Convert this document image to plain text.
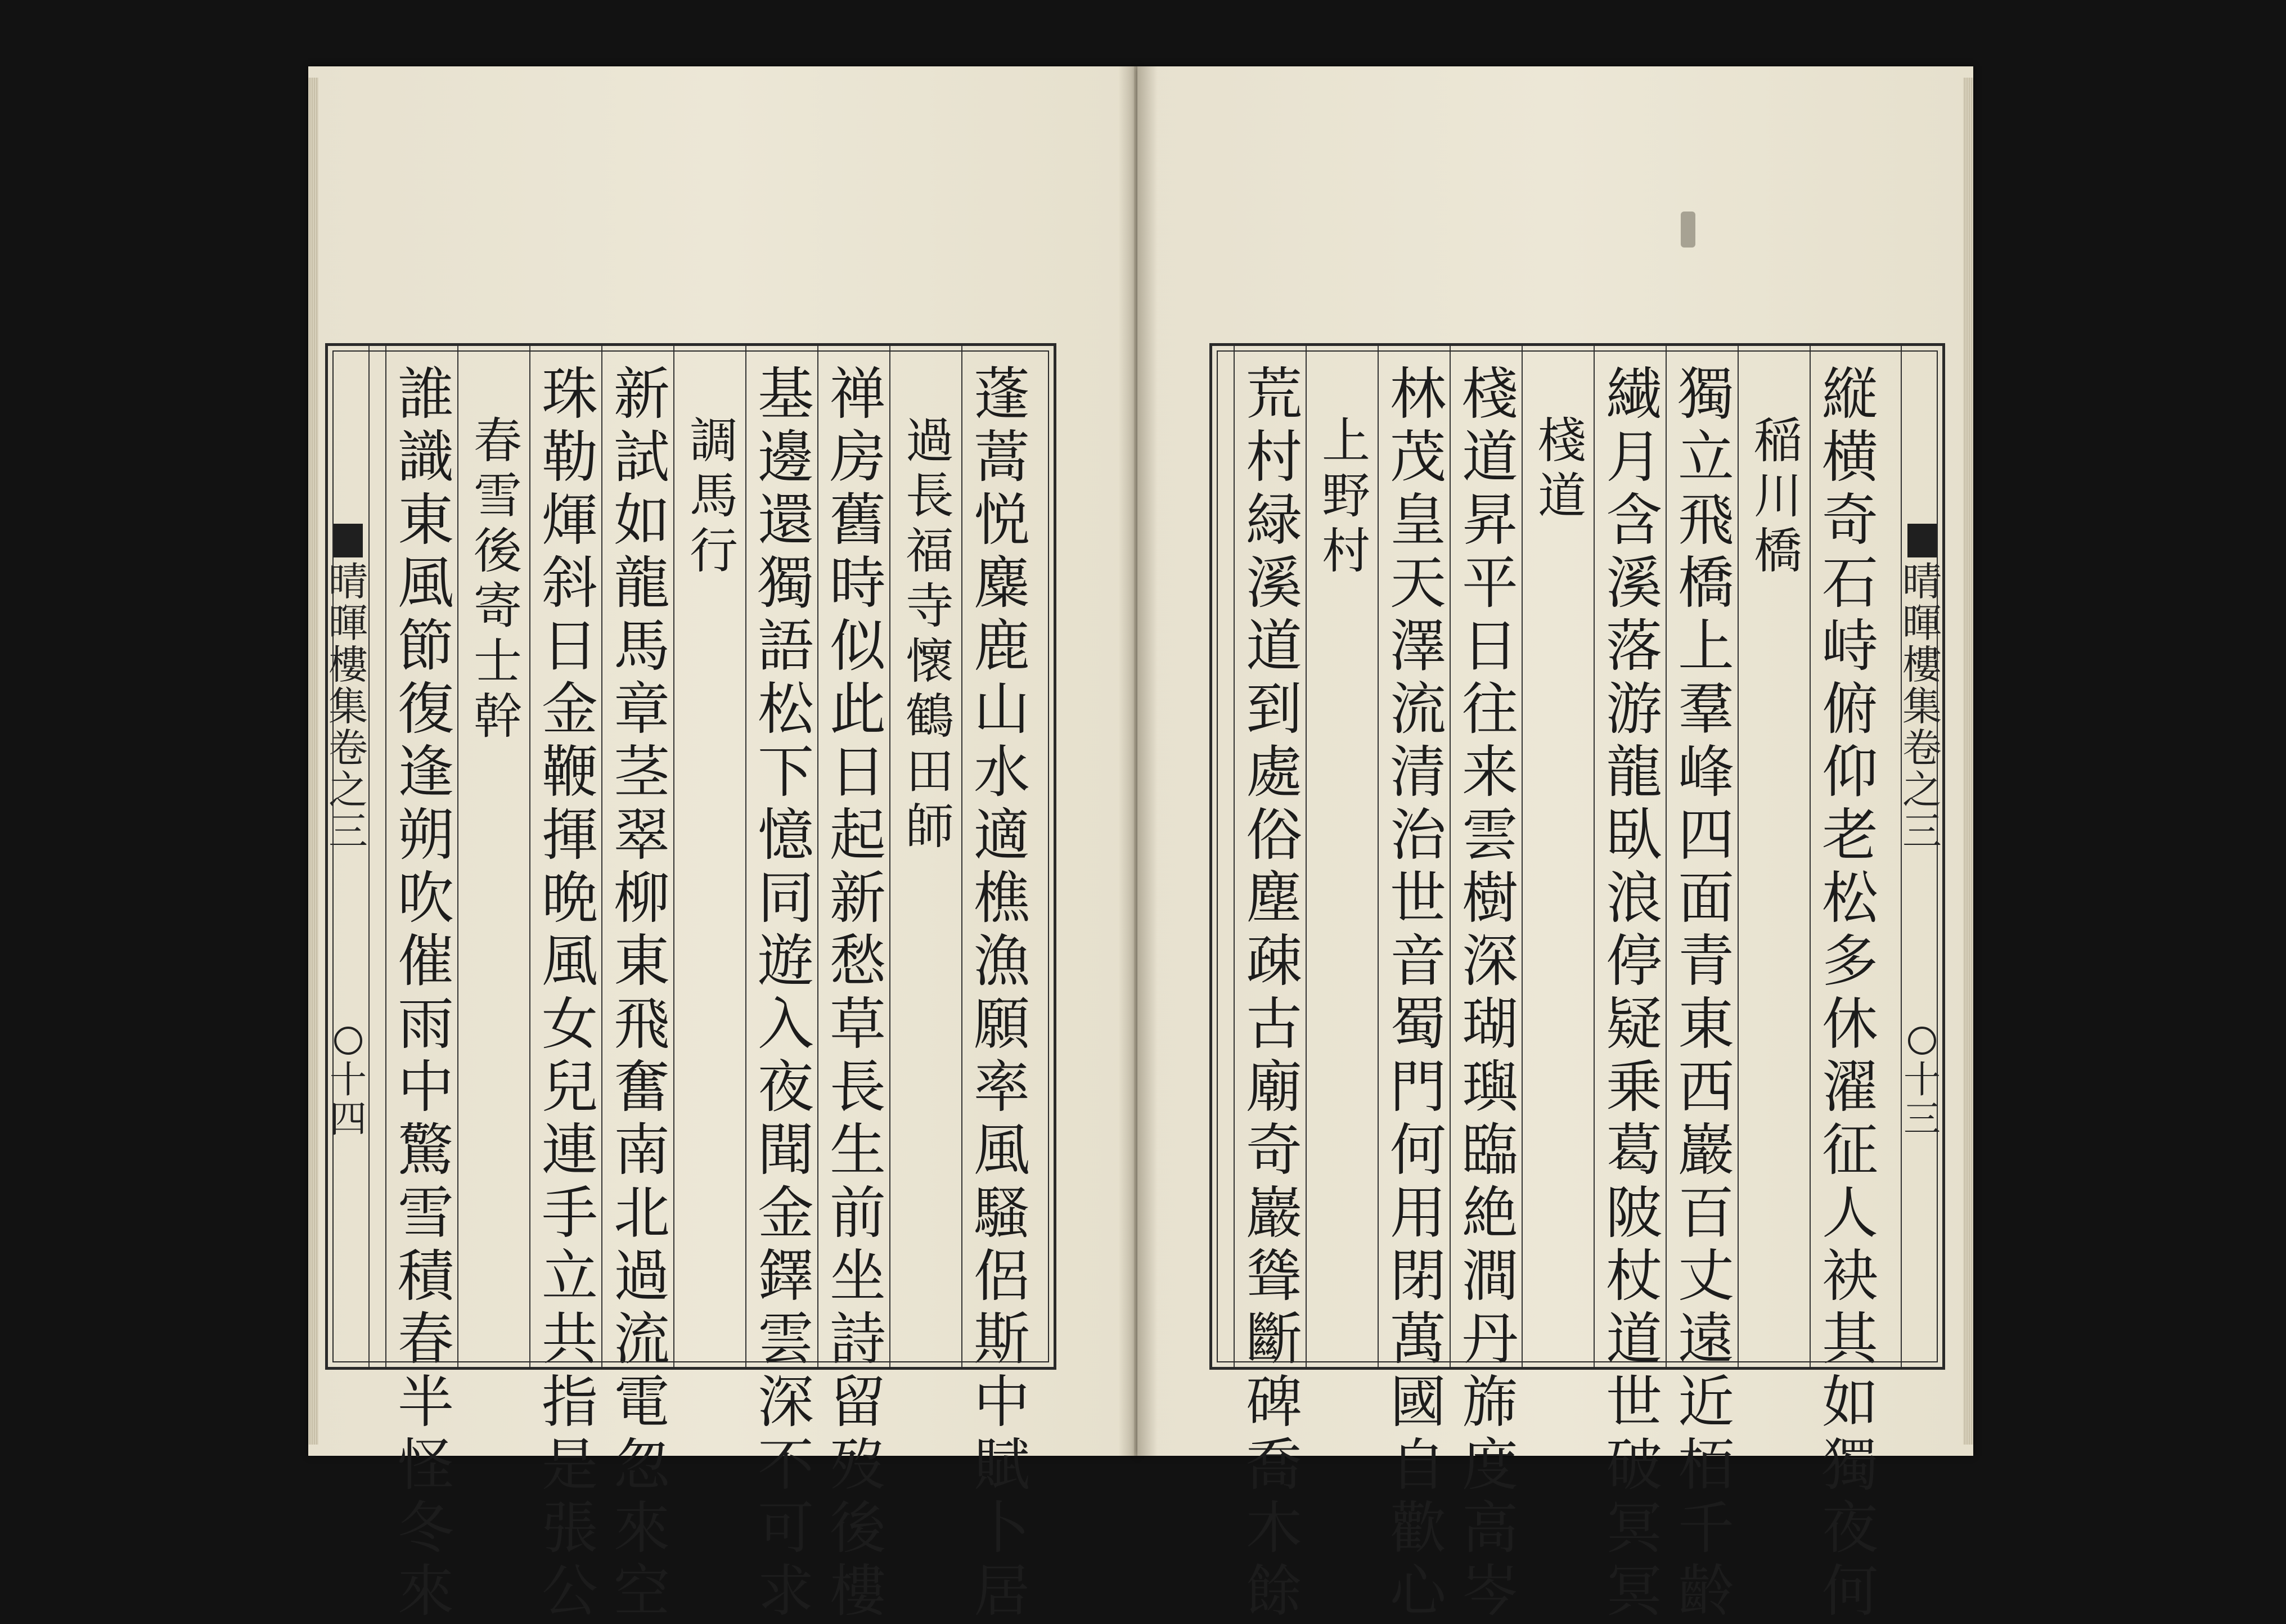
晴暉樓集
卷之三
十四
蓬
蒿
悦
麋
鹿
山
水
適
樵
漁
願
率
風
騷
侶
斯
中
賦
卜
居
過
長
福
寺
懷
鶴
田
師
禅
房
舊
時
似
此
日
起
新
愁
草
長
生
前
坐
詩
留
歿
後
樓
基
邊
還
獨
語
松
下
憶
同
遊
入
夜
聞
金
鐸
雲
深
不
可
求
調
馬
行
新
試
如
龍
馬
章
茎
翠
柳
東
飛
奮
南
北
過
流
電
忽
來
空
珠
勒
煇
斜
日
金
鞭
揮
晩
風
女
兒
連
手
立
共
指
是
張
公
春
雪
後
寄
士
幹
誰
識
東
風
節
復
逢
朔
吹
催
雨
中
驚
雪
積
春
半
怪
冬
來
晴暉樓集
卷之三
十三
縦
横
奇
石
峙
俯
仰
老
松
多
休
濯
征
人
袂
其
如
獨
夜
何
稲
川
橋
獨
立
飛
橋
上
羣
峰
四
面
青
東
西
巖
百
丈
遠
近
栢
千
齡
繊
月
含
溪
落
游
龍
臥
浪
停
疑
乗
葛
陂
杖
道
世
破
冥
冥
棧
道
棧
道
昇
平
日
往
来
雲
樹
深
瑚
璵
臨
絶
澗
丹
旆
度
高
岑
林
茂
皇
天
澤
流
清
治
世
音
蜀
門
何
用
閉
萬
國
自
歡
心
上
野
村
荒
村
緑
溪
道
到
處
俗
塵
疎
古
廟
奇
巖
聳
斷
碑
喬
木
餘
